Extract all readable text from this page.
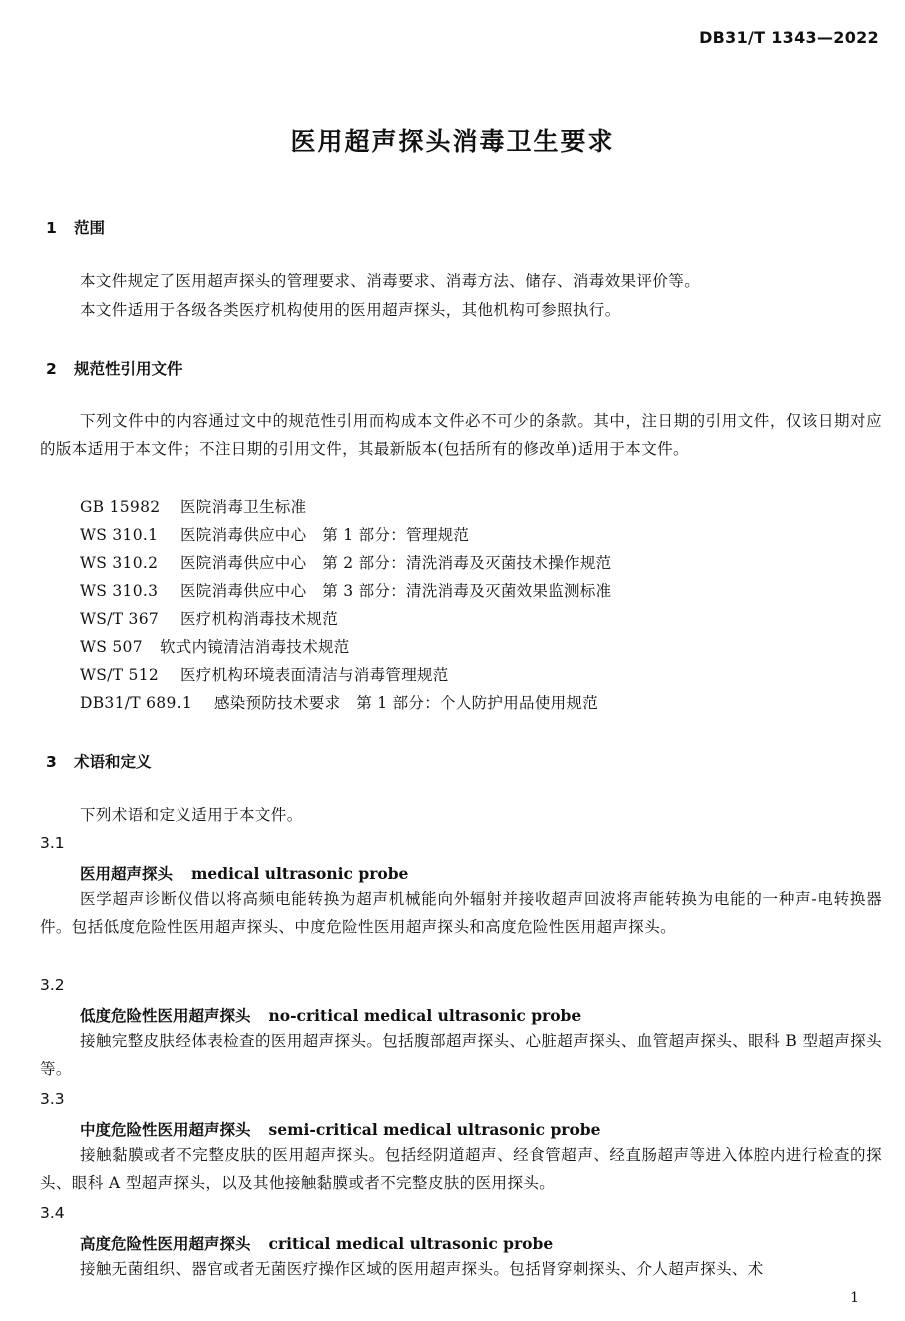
DB31/T 1343—2022
医用超声探头消毒卫生要求
1 范围
本文件规定了医用超声探头的管理要求、消毒要求、消毒方法、储存、消毒效果评价等。
本文件适用于各级各类医疗机构使用的医用超声探头，其他机构可参照执行。
2 规范性引用文件
下列文件中的内容通过文中的规范性引用而构成本文件必不可少的条款。其中，注日期的引用文件，仅该日期对应的版本适用于本文件；不注日期的引用文件，其最新版本(包括所有的修改单)适用于本文件。
GB 15982 医院消毒卫生标准
WS 310.1 医院消毒供应中心　第 1 部分：管理规范
WS 310.2 医院消毒供应中心　第 2 部分：清洗消毒及灭菌技术操作规范
WS 310.3 医院消毒供应中心　第 3 部分：清洗消毒及灭菌效果监测标准
WS/T 367 医疗机构消毒技术规范
WS 507 软式内镜清洁消毒技术规范
WS/T 512 医疗机构环境表面清洁与消毒管理规范
DB31/T 689.1 感染预防技术要求　第 1 部分：个人防护用品使用规范
3 术语和定义
下列术语和定义适用于本文件。
3.1
医用超声探头 medical ultrasonic probe
医学超声诊断仪借以将高频电能转换为超声机械能向外辐射并接收超声回波将声能转换为电能的一种声-电转换器件。包括低度危险性医用超声探头、中度危险性医用超声探头和高度危险性医用超声探头。
3.2
低度危险性医用超声探头 no-critical medical ultrasonic probe
接触完整皮肤经体表检查的医用超声探头。包括腹部超声探头、心脏超声探头、血管超声探头、眼科 B 型超声探头等。
3.3
中度危险性医用超声探头 semi-critical medical ultrasonic probe
接触黏膜或者不完整皮肤的医用超声探头。包括经阴道超声、经食管超声、经直肠超声等进入体腔内进行检查的探头、眼科 A 型超声探头，以及其他接触黏膜或者不完整皮肤的医用探头。
3.4
高度危险性医用超声探头 critical medical ultrasonic probe
接触无菌组织、器官或者无菌医疗操作区域的医用超声探头。包括肾穿刺探头、介人超声探头、术
1
